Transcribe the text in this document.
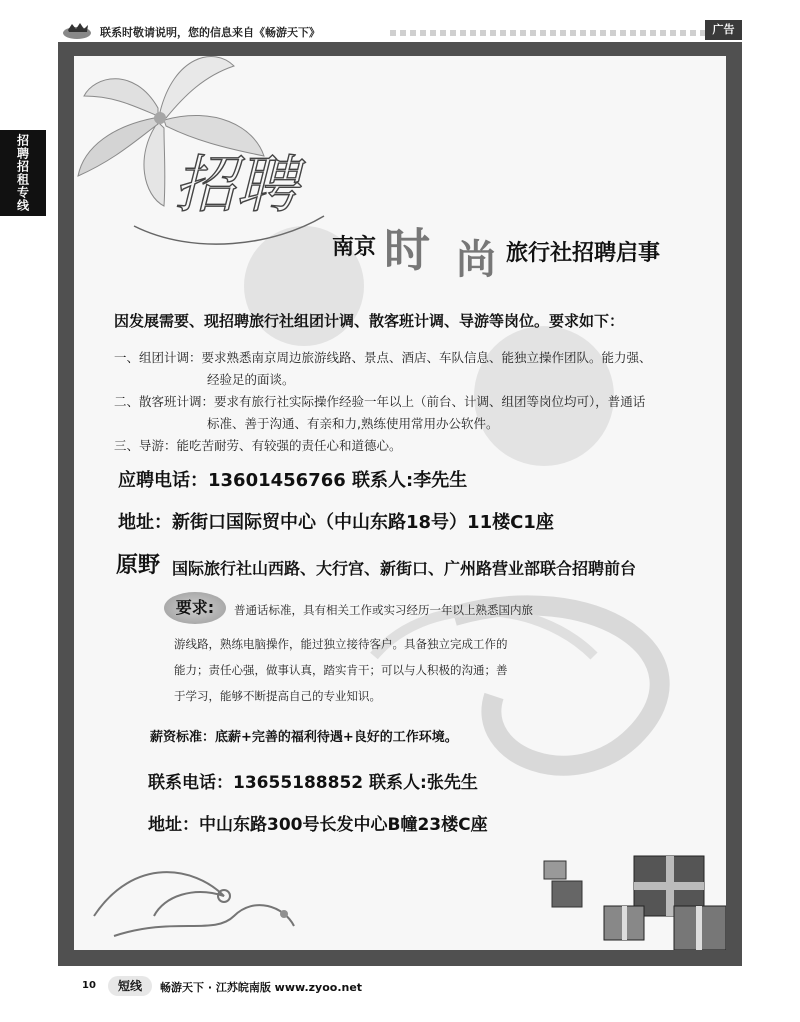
联系时敬请说明，您的信息来自《畅游天下》	广告
招聘招租专线 招聘
南京 时 尚 旅行社招聘启事
因发展需要、现招聘旅行社组团计调、散客班计调、导游等岗位。要求如下：
一、组团计调：要求熟悉南京周边旅游线路、景点、酒店、车队信息、能独立操作团队。能力强、
经验足的面谈。
二、散客班计调：要求有旅行社实际操作经验一年以上（前台、计调、组团等岗位均可），普通话
标准、善于沟通、有亲和力,熟练使用常用办公软件。
三、导游：能吃苦耐劳、有较强的责任心和道德心。
应聘电话：13601456766 联系人:李先生
地址：新街口国际贸中心（中山东路18号）11楼C1座
原野 国际旅行社山西路、大行宫、新街口、广州路营业部联合招聘前台
要求:	普通话标准，具有相关工作或实习经历一年以上熟悉国内旅
游线路，熟练电脑操作，能过独立接待客户。具备独立完成工作的
能力；责任心强，做事认真，踏实肯干；可以与人积极的沟通；善
于学习，能够不断提高自己的专业知识。
薪资标准：底薪+完善的福利待遇+良好的工作环境。
联系电话：13655188852 联系人:张先生
地址：中山东路300号长发中心B幢23楼C座
10	短线	畅游天下 · 江苏皖南版 www.zyoo.net
